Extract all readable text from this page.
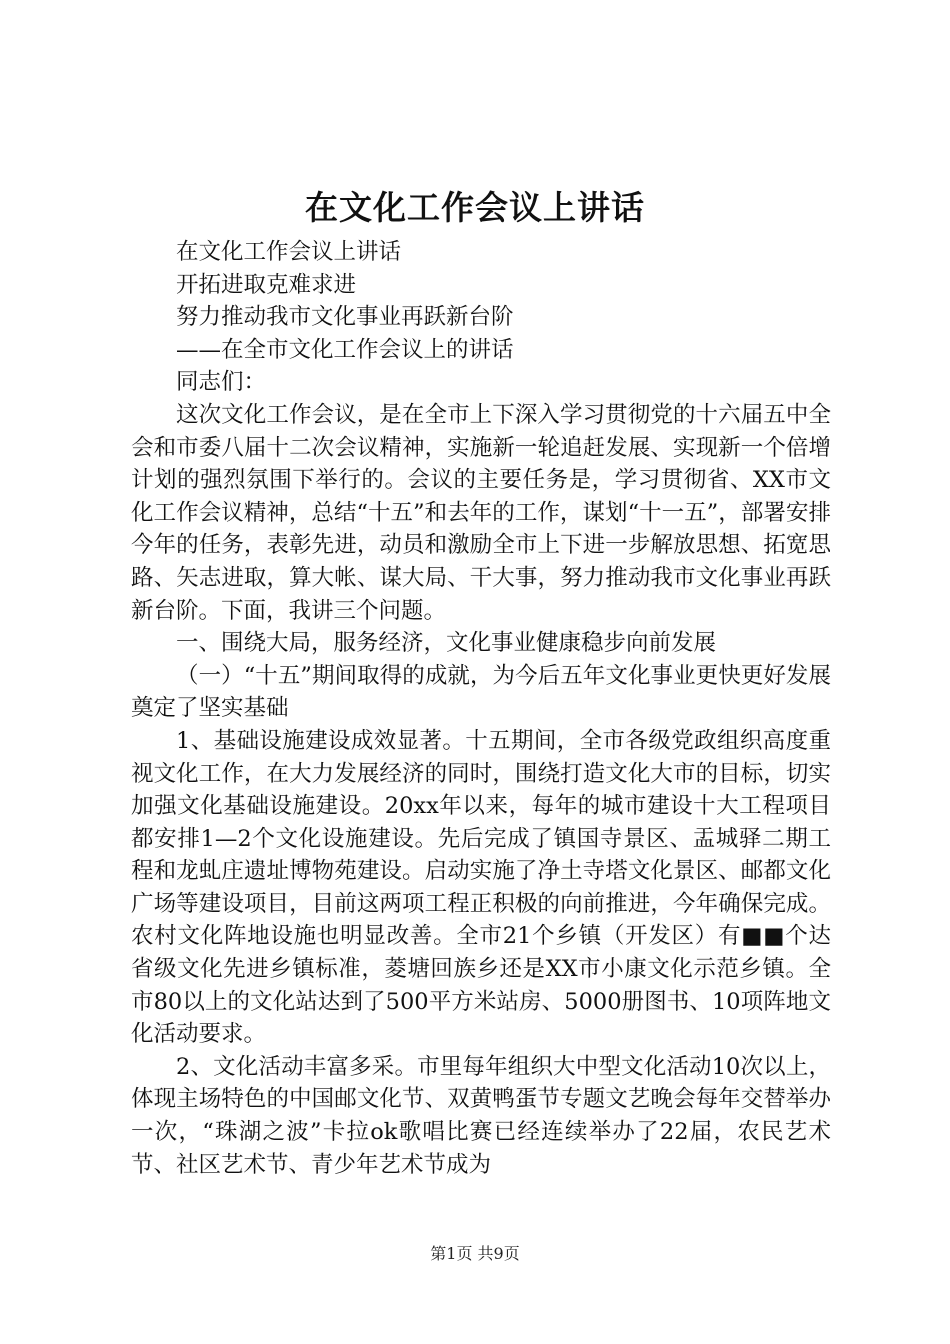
在文化工作会议上讲话

在文化工作会议上讲话

开拓进取克难求进

努力推动我市文化事业再跃新台阶

——在全市文化工作会议上的讲话

同志们：

这次文化工作会议，是在全市上下深入学习贯彻党的十六届五中全会和市委八届十二次会议精神，实施新一轮追赶发展、实现新一个倍增计划的强烈氛围下举行的。会议的主要任务是，学习贯彻省、XX市文化工作会议精神，总结“十五”和去年的工作，谋划“十一五”，部署安排今年的任务，表彰先进，动员和激励全市上下进一步解放思想、拓宽思路、矢志进取，算大帐、谋大局、干大事，努力推动我市文化事业再跃新台阶。下面，我讲三个问题。

一、围绕大局，服务经济，文化事业健康稳步向前发展

（一）“十五”期间取得的成就，为今后五年文化事业更快更好发展奠定了坚实基础

1、基础设施建设成效显著。十五期间，全市各级党政组织高度重视文化工作，在大力发展经济的同时，围绕打造文化大市的目标，切实加强文化基础设施建设。20xx年以来，每年的城市建设十大工程项目都安排1—2个文化设施建设。先后完成了镇国寺景区、盂城驿二期工程和龙虬庄遗址博物苑建设。启动实施了净土寺塔文化景区、邮都文化广场等建设项目，目前这两项工程正积极的向前推进，今年确保完成。农村文化阵地设施也明显改善。全市21个乡镇（开发区）有■■个达省级文化先进乡镇标准，菱塘回族乡还是XX市小康文化示范乡镇。全市80以上的文化站达到了500平方米站房、5000册图书、10项阵地文化活动要求。

2、文化活动丰富多采。市里每年组织大中型文化活动10次以上，体现主场特色的中国邮文化节、双黄鸭蛋节专题文艺晚会每年交替举办一次，“珠湖之波”卡拉ok歌唱比赛已经连续举办了22届，农民艺术节、社区艺术节、青少年艺术节成为

第1页 共9页
